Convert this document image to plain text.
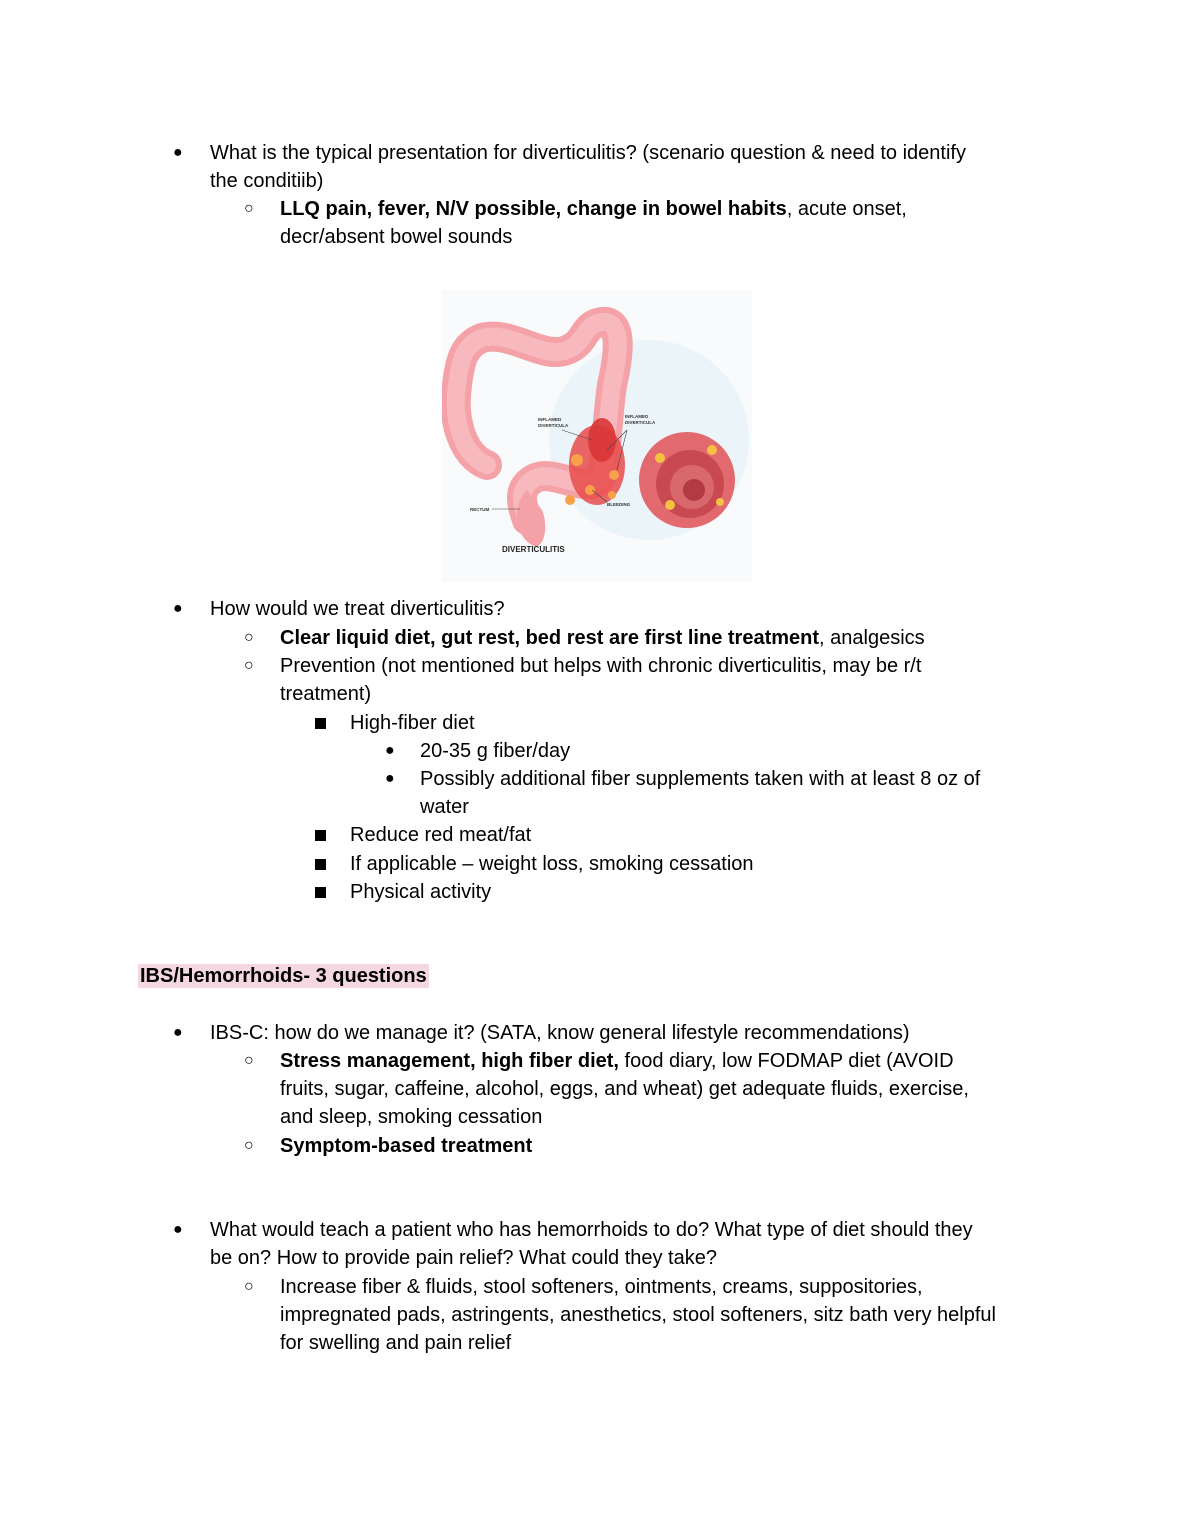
● What is the typical presentation for diverticulitis? (scenario question & need to identify
the conditiib)
○ LLQ pain, fever, N/V possible, change in bowel habits, acute onset,
decr/absent bowel sounds
INFLAMED
DIVERTICULA
INFLAMED
DIVERTICULA
BLEEDING
RECTUM
DIVERTICULITIS
● How would we treat diverticulitis?
○ Clear liquid diet, gut rest, bed rest are first line treatment, analgesics
○ Prevention (not mentioned but helps with chronic diverticulitis, may be r/t
treatment)
High-fiber diet
● 20-35 g fiber/day
● Possibly additional fiber supplements taken with at least 8 oz of
water
Reduce red meat/fat
If applicable – weight loss, smoking cessation
Physical activity
IBS/Hemorrhoids- 3 questions
● IBS-C: how do we manage it? (SATA, know general lifestyle recommendations)
○ Stress management, high fiber diet, food diary, low FODMAP diet (AVOID
fruits, sugar, caffeine, alcohol, eggs, and wheat) get adequate fluids, exercise,
and sleep, smoking cessation
○ Symptom-based treatment
● What would teach a patient who has hemorrhoids to do? What type of diet should they
be on? How to provide pain relief? What could they take?
○ Increase fiber & fluids, stool softeners, ointments, creams, suppositories,
impregnated pads, astringents, anesthetics, stool softeners, sitz bath very helpful
for swelling and pain relief
